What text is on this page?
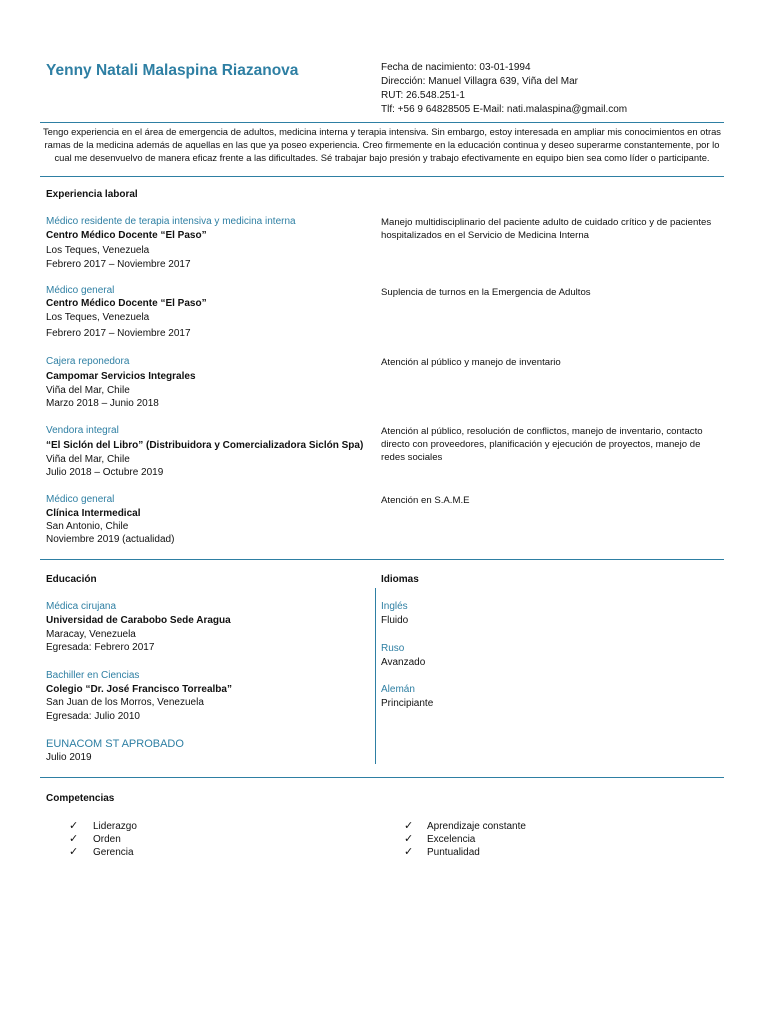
Yenny Natali Malaspina Riazanova	Fecha de nacimiento: 03-01-1994
Dirección: Manuel Villagra 639, Viña del Mar
RUT: 26.548.251-1
Tlf: +56 9 64828505 E-Mail: nati.malaspina@gmail.com
Tengo experiencia en el área de emergencia de adultos, medicina interna y terapia intensiva. Sin embargo, estoy interesada en ampliar mis conocimientos en otras ramas de la medicina además de aquellas en las que ya poseo experiencia. Creo firmemente en la educación continua y deseo superarme constantemente, por lo cual me desenvuelvo de manera eficaz frente a las dificultades. Sé trabajar bajo presión y trabajo efectivamente en equipo bien sea como líder o participante.
Experiencia laboral
Médico residente de terapia intensiva y medicina interna
Centro Médico Docente “El Paso”
Los Teques, Venezuela
Febrero 2017 – Noviembre 2017
Manejo multidisciplinario del paciente adulto de cuidado crítico y de pacientes hospitalizados en el Servicio de Medicina Interna
Médico general
Centro Médico Docente “El Paso”
Los Teques, Venezuela
Febrero 2017 – Noviembre 2017
Suplencia de turnos en la Emergencia de Adultos
Cajera reponedora
Campomar Servicios Integrales
Viña del Mar, Chile
Marzo 2018 – Junio 2018
Atención al público y manejo de inventario
Vendora integral
“El Siclón del Libro” (Distribuidora y Comercializadora Siclón Spa)
Viña del Mar, Chile
Julio 2018 – Octubre 2019
Atención al público, resolución de conflictos, manejo de inventario, contacto directo con proveedores, planificación y ejecución de proyectos, manejo de redes sociales
Médico general
Clínica Intermedical
San Antonio, Chile
Noviembre 2019 (actualidad)
Atención en S.A.M.E
Educación
Médica cirujana
Universidad de Carabobo Sede Aragua
Maracay, Venezuela
Egresada: Febrero 2017
Bachiller en Ciencias
Colegio “Dr. José Francisco Torrealba”
San Juan de los Morros, Venezuela
Egresada: Julio 2010
EUNACOM ST APROBADO
Julio 2019
Idiomas
Inglés
Fluido
Ruso
Avanzado
Alemán
Principiante
Competencias
✓ Liderazgo
✓ Orden
✓ Gerencia
✓ Aprendizaje constante
✓ Excelencia
✓ Puntualidad
